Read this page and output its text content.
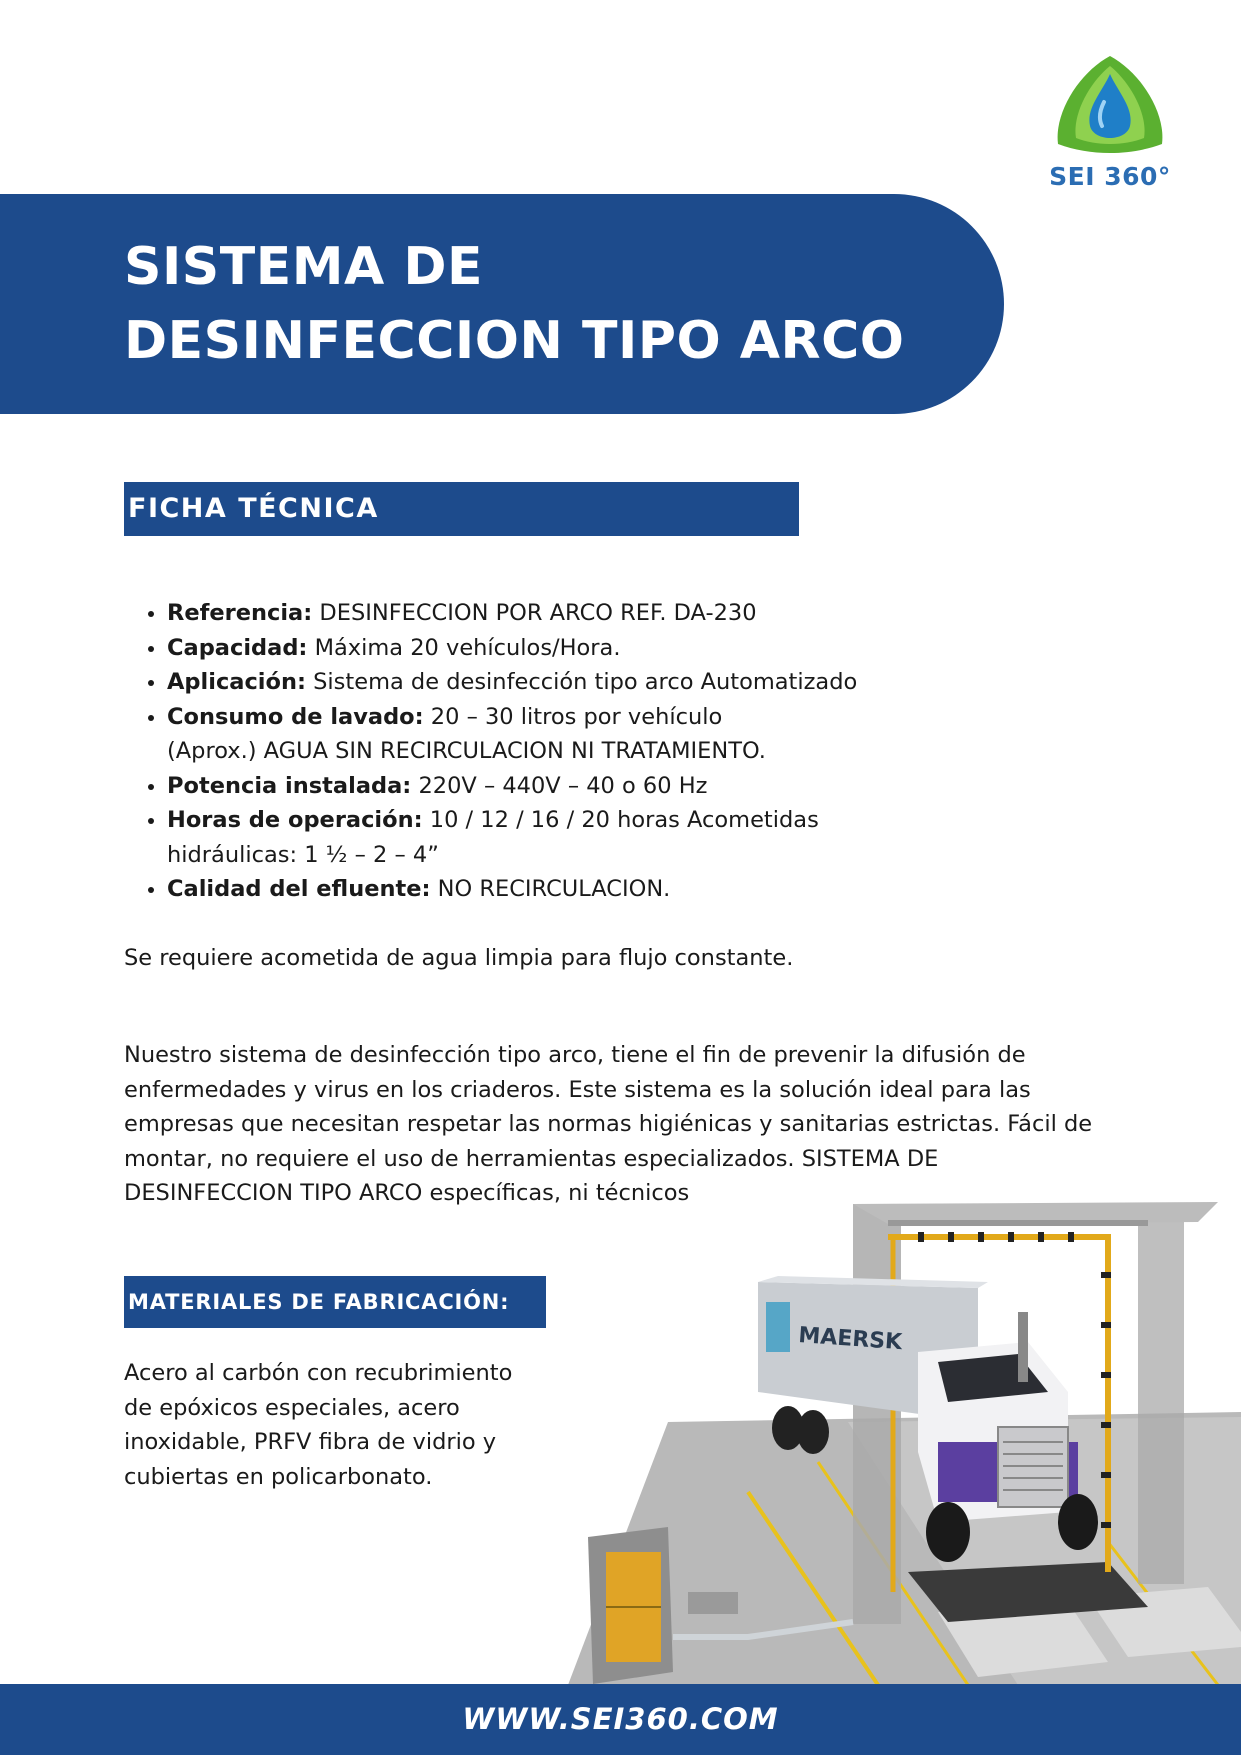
SEI 360°
SISTEMA DE
DESINFECCION TIPO ARCO
FICHA TÉCNICA
• Referencia: DESINFECCION POR ARCO REF. DA-230
• Capacidad: Máxima 20 vehículos/Hora.
• Aplicación: Sistema de desinfección tipo arco Automatizado
• Consumo de lavado: 20 – 30 litros por vehículo (Aprox.) AGUA SIN RECIRCULACION NI TRATAMIENTO.
• Potencia instalada: 220V – 440V – 40 o 60 Hz
• Horas de operación: 10 / 12 / 16 / 20 horas Acometidas hidráulicas: 1 ½ – 2 – 4”
• Calidad del efluente: NO RECIRCULACION.

Se requiere acometida de agua limpia para flujo constante.

Nuestro sistema de desinfección tipo arco, tiene el fin de prevenir la difusión de enfermedades y virus en los criaderos. Este sistema es la solución ideal para las empresas que necesitan respetar las normas higiénicas y sanitarias estrictas. Fácil de montar, no requiere el uso de herramientas especializados. SISTEMA DE DESINFECCION TIPO ARCO específicas, ni técnicos

MATERIALES DE FABRICACIÓN:

Acero al carbón con recubrimiento de epóxicos especiales, acero inoxidable, PRFV fibra de vidrio y cubiertas en policarbonato.

MAERSK
WWW.SEI360.COM
